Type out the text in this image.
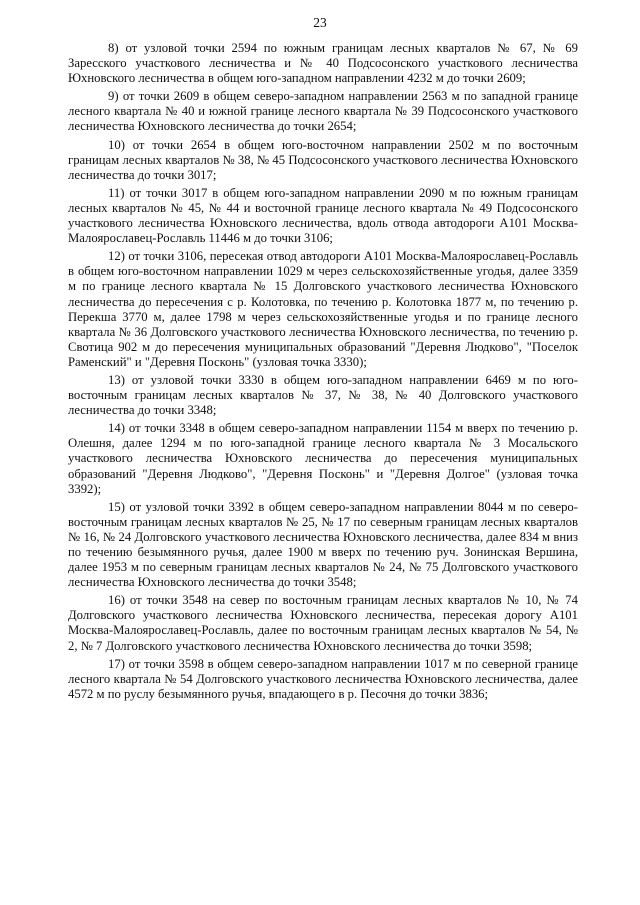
23

8) от узловой точки 2594 по южным границам лесных кварталов № 67, № 69 Заресского участкового лесничества и № 40 Подсосонского участкового лесничества Юхновского лесничества в общем юго-западном направлении 4232 м до точки 2609;

9) от точки 2609 в общем северо-западном направлении 2563 м по западной границе лесного квартала № 40 и южной границе лесного квартала № 39 Подсосонского участкового лесничества Юхновского лесничества до точки 2654;

10) от точки 2654 в общем юго-восточном направлении 2502 м по восточным границам лесных кварталов № 38, № 45 Подсосонского участкового лесничества Юхновского лесничества до точки 3017;

11) от точки 3017 в общем юго-западном направлении 2090 м по южным границам лесных кварталов № 45, № 44 и восточной границе лесного квартала № 49 Подсосонского участкового лесничества Юхновского лесничества, вдоль отвода автодороги А101 Москва-Малоярославец-Рославль 11446 м до точки 3106;

12) от точки 3106, пересекая отвод автодороги А101 Москва-Малоярославец-Рославль в общем юго-восточном направлении 1029 м через сельскохозяйственные угодья, далее 3359 м по границе лесного квартала № 15 Долговского участкового лесничества Юхновского лесничества до пересечения с р. Колотовка, по течению р. Колотовка 1877 м, по течению р. Перекша 3770 м, далее 1798 м через сельскохозяйственные угодья и по границе лесного квартала № 36 Долговского участкового лесничества Юхновского лесничества, по течению р. Свотица 902 м до пересечения муниципальных образований "Деревня Людково", "Поселок Раменский" и "Деревня Посконь" (узловая точка 3330);

13) от узловой точки 3330 в общем юго-западном направлении 6469 м по юго-восточным границам лесных кварталов № 37, № 38, № 40 Долговского участкового лесничества до точки 3348;

14) от точки 3348 в общем северо-западном направлении 1154 м вверх по течению р. Олешня, далее 1294 м по юго-западной границе лесного квартала № 3 Мосальского участкового лесничества Юхновского лесничества до пересечения муниципальных образований "Деревня Людково", "Деревня Посконь" и "Деревня Долгое" (узловая точка 3392);

15) от узловой точки 3392 в общем северо-западном направлении 8044 м по северо-восточным границам лесных кварталов № 25, № 17 по северным границам лесных кварталов № 16, № 24 Долговского участкового лесничества Юхновского лесничества, далее 834 м вниз по течению безымянного ручья, далее 1900 м вверх по течению руч. Зонинская Вершина, далее 1953 м по северным границам лесных кварталов № 24, № 75 Долговского участкового лесничества Юхновского лесничества до точки 3548;

16) от точки 3548 на север по восточным границам лесных кварталов № 10, № 74 Долговского участкового лесничества Юхновского лесничества, пересекая дорогу А101 Москва-Малоярославец-Рославль, далее по восточным границам лесных кварталов № 54, № 2, № 7 Долговского участкового лесничества Юхновского лесничества до точки 3598;

17) от точки 3598 в общем северо-западном направлении 1017 м по северной границе лесного квартала № 54 Долговского участкового лесничества Юхновского лесничества, далее 4572 м по руслу безымянного ручья, впадающего в р. Песочня до точки 3836;
